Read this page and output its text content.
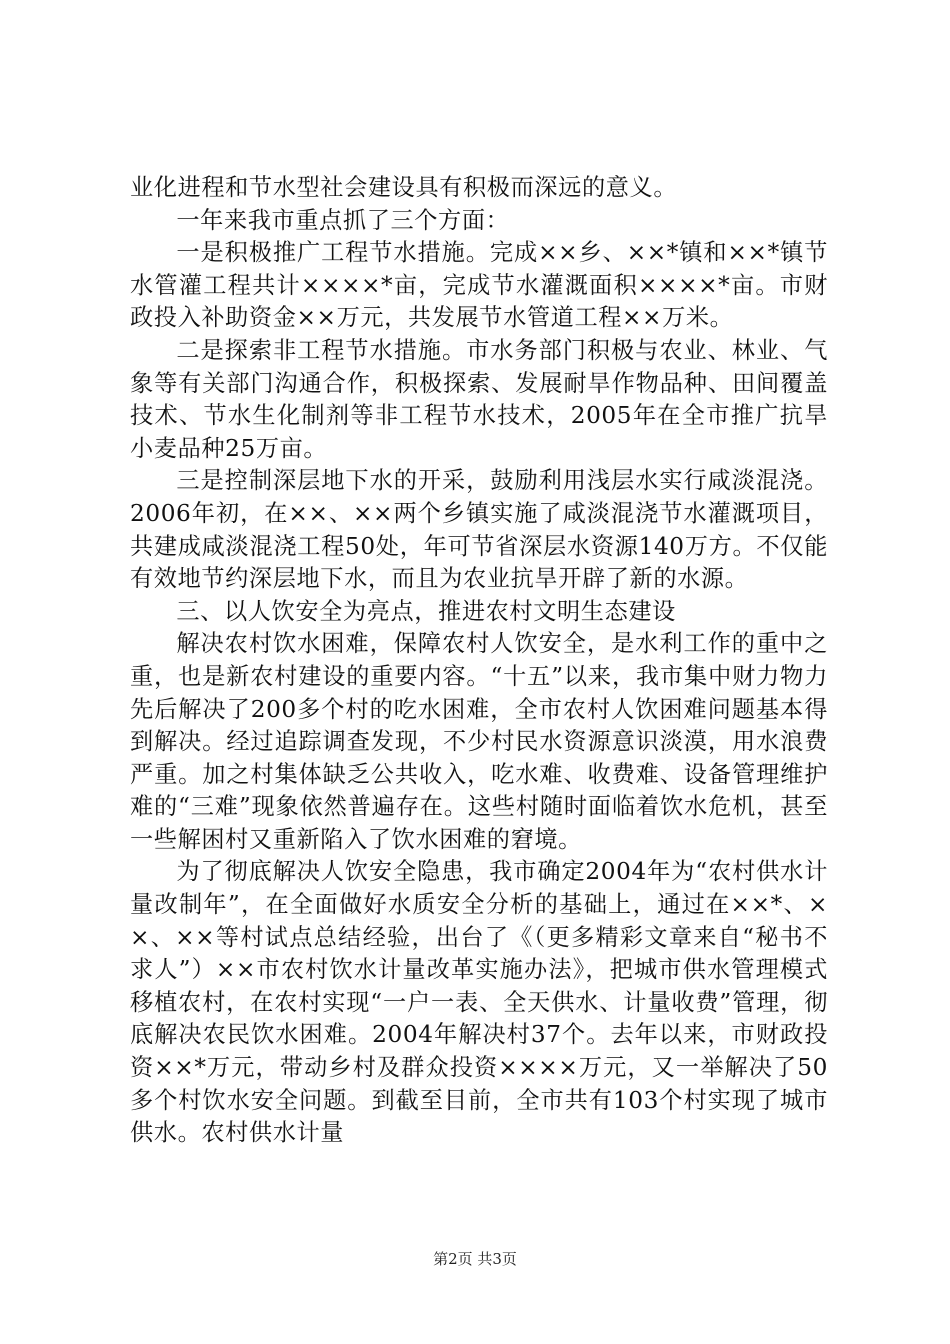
业化进程和节水型社会建设具有积极而深远的意义。

一年来我市重点抓了三个方面：

一是积极推广工程节水措施。完成××乡、××*镇和××*镇节水管灌工程共计××××*亩，完成节水灌溉面积××××*亩。市财政投入补助资金××万元，共发展节水管道工程××万米。

二是探索非工程节水措施。市水务部门积极与农业、林业、气象等有关部门沟通合作，积极探索、发展耐旱作物品种、田间覆盖技术、节水生化制剂等非工程节水技术，2005年在全市推广抗旱小麦品种25万亩。

三是控制深层地下水的开采，鼓励利用浅层水实行咸淡混浇。2006年初，在××、××两个乡镇实施了咸淡混浇节水灌溉项目，共建成咸淡混浇工程50处，年可节省深层水资源140万方。不仅能有效地节约深层地下水，而且为农业抗旱开辟了新的水源。

三、以人饮安全为亮点，推进农村文明生态建设

解决农村饮水困难，保障农村人饮安全，是水利工作的重中之重，也是新农村建设的重要内容。“十五”以来，我市集中财力物力先后解决了200多个村的吃水困难，全市农村人饮困难问题基本得到解决。经过追踪调查发现，不少村民水资源意识淡漠，用水浪费严重。加之村集体缺乏公共收入，吃水难、收费难、设备管理维护难的“三难”现象依然普遍存在。这些村随时面临着饮水危机，甚至一些解困村又重新陷入了饮水困难的窘境。

为了彻底解决人饮安全隐患，我市确定2004年为“农村供水计量改制年”，在全面做好水质安全分析的基础上，通过在××*、××、××等村试点总结经验，出台了《（更多精彩文章来自“秘书不求人”）××市农村饮水计量改革实施办法》，把城市供水管理模式移植农村，在农村实现“一户一表、全天供水、计量收费”管理，彻底解决农民饮水困难。2004年解决村37个。去年以来，市财政投资××*万元，带动乡村及群众投资××××万元，又一举解决了50多个村饮水安全问题。到截至目前，全市共有103个村实现了城市供水。农村供水计量

第2页 共3页
